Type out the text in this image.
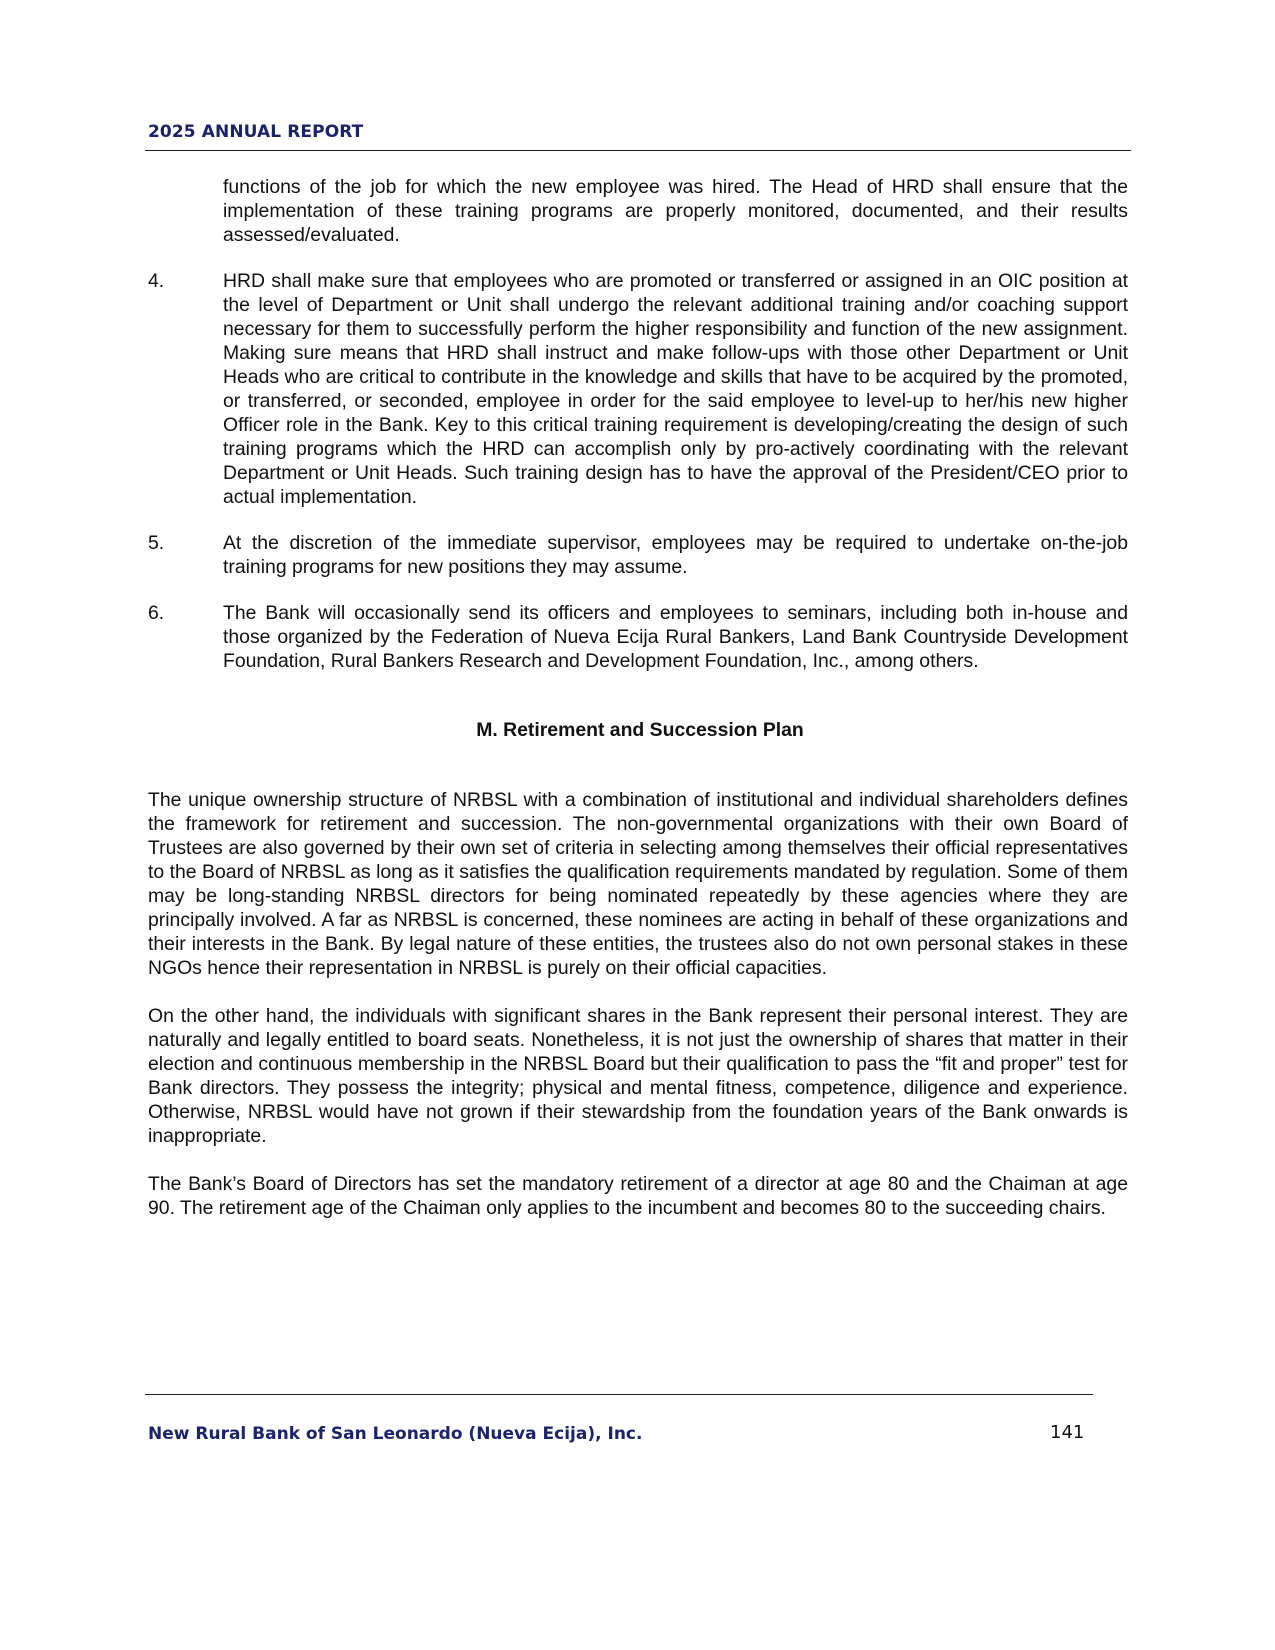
2025 ANNUAL REPORT

functions of the job for which the new employee was hired. The Head of HRD shall ensure that the implementation of these training programs are properly monitored, documented, and their results assessed/evaluated.

4.	HRD shall make sure that employees who are promoted or transferred or assigned in an OIC position at the level of Department or Unit shall undergo the relevant additional training and/or coaching support necessary for them to successfully perform the higher responsibility and function of the new assignment. Making sure means that HRD shall instruct and make follow-ups with those other Department or Unit Heads who are critical to contribute in the knowledge and skills that have to be acquired by the promoted, or transferred, or seconded, employee in order for the said employee to level-up to her/his new higher Officer role in the Bank. Key to this critical training requirement is developing/creating the design of such training programs which the HRD can accomplish only by pro-actively coordinating with the relevant Department or Unit Heads. Such training design has to have the approval of the President/CEO prior to actual implementation.
5.	At the discretion of the immediate supervisor, employees may be required to undertake on-the-job training programs for new positions they may assume.
6.	The Bank will occasionally send its officers and employees to seminars, including both in-house and those organized by the Federation of Nueva Ecija Rural Bankers, Land Bank Countryside Development Foundation, Rural Bankers Research and Development Foundation, Inc., among others.

M. Retirement and Succession Plan

The unique ownership structure of NRBSL with a combination of institutional and individual shareholders defines the framework for retirement and succession. The non-governmental organizations with their own Board of Trustees are also governed by their own set of criteria in selecting among themselves their official representatives to the Board of NRBSL as long as it satisfies the qualification requirements mandated by regulation. Some of them may be long-standing NRBSL directors for being nominated repeatedly by these agencies where they are principally involved. A far as NRBSL is concerned, these nominees are acting in behalf of these organizations and their interests in the Bank. By legal nature of these entities, the trustees also do not own personal stakes in these NGOs hence their representation in NRBSL is purely on their official capacities.

On the other hand, the individuals with significant shares in the Bank represent their personal interest. They are naturally and legally entitled to board seats. Nonetheless, it is not just the ownership of shares that matter in their election and continuous membership in the NRBSL Board but their qualification to pass the “fit and proper” test for Bank directors. They possess the integrity; physical and mental fitness, competence, diligence and experience. Otherwise, NRBSL would have not grown if their stewardship from the foundation years of the Bank onwards is inappropriate.

The Bank’s Board of Directors has set the mandatory retirement of a director at age 80 and the Chaiman at age 90. The retirement age of the Chaiman only applies to the incumbent and becomes 80 to the succeeding chairs.

New Rural Bank of San Leonardo (Nueva Ecija), Inc.	141
